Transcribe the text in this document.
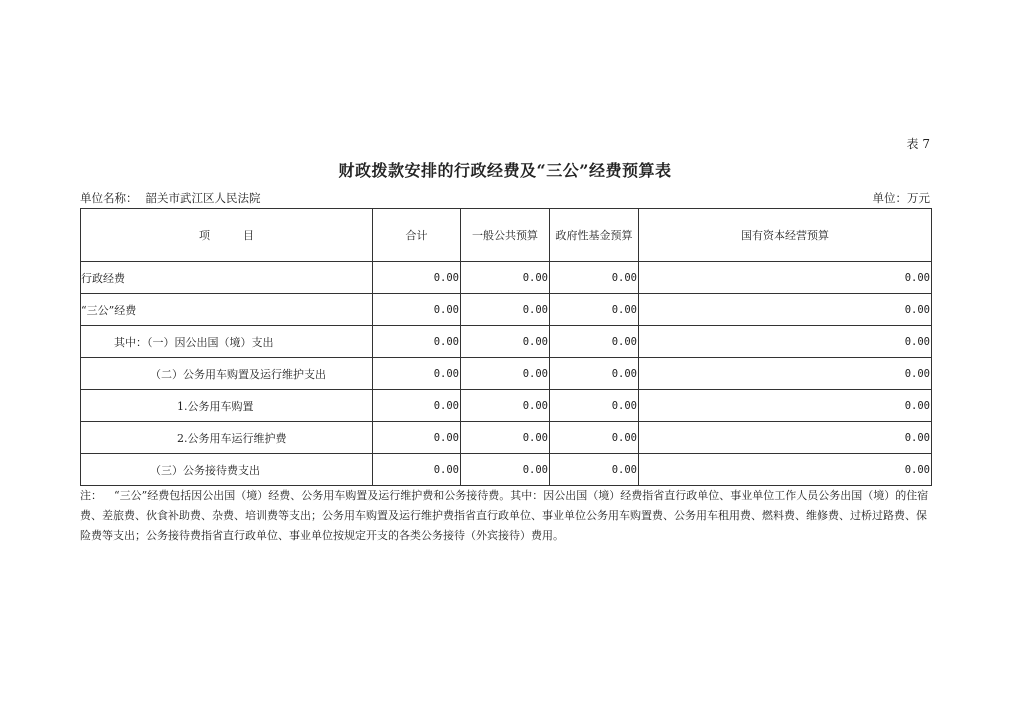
表 7
财政拨款安排的行政经费及“三公”经费预算表
单位名称： 韶关市武江区人民法院	单位：万元
项　　　目	合计	一般公共预算	政府性基金预算	国有资本经营预算
行政经费	0.00	0.00	0.00	0.00
“三公”经费	0.00	0.00	0.00	0.00
其中：（一）因公出国（境）支出	0.00	0.00	0.00	0.00
（二）公务用车购置及运行维护支出	0.00	0.00	0.00	0.00
1.公务用车购置	0.00	0.00	0.00	0.00
2.公务用车运行维护费	0.00	0.00	0.00	0.00
（三）公务接待费支出	0.00	0.00	0.00	0.00
注： “三公”经费包括因公出国（境）经费、公务用车购置及运行维护费和公务接待费。其中：因公出国（境）经费指省直行政单位、事业单位工作人员公务出国（境）的住宿费、差旅费、伙食补助费、杂费、培训费等支出；公务用车购置及运行维护费指省直行政单位、事业单位公务用车购置费、公务用车租用费、燃料费、维修费、过桥过路费、保险费等支出；公务接待费指省直行政单位、事业单位按规定开支的各类公务接待（外宾接待）费用。
